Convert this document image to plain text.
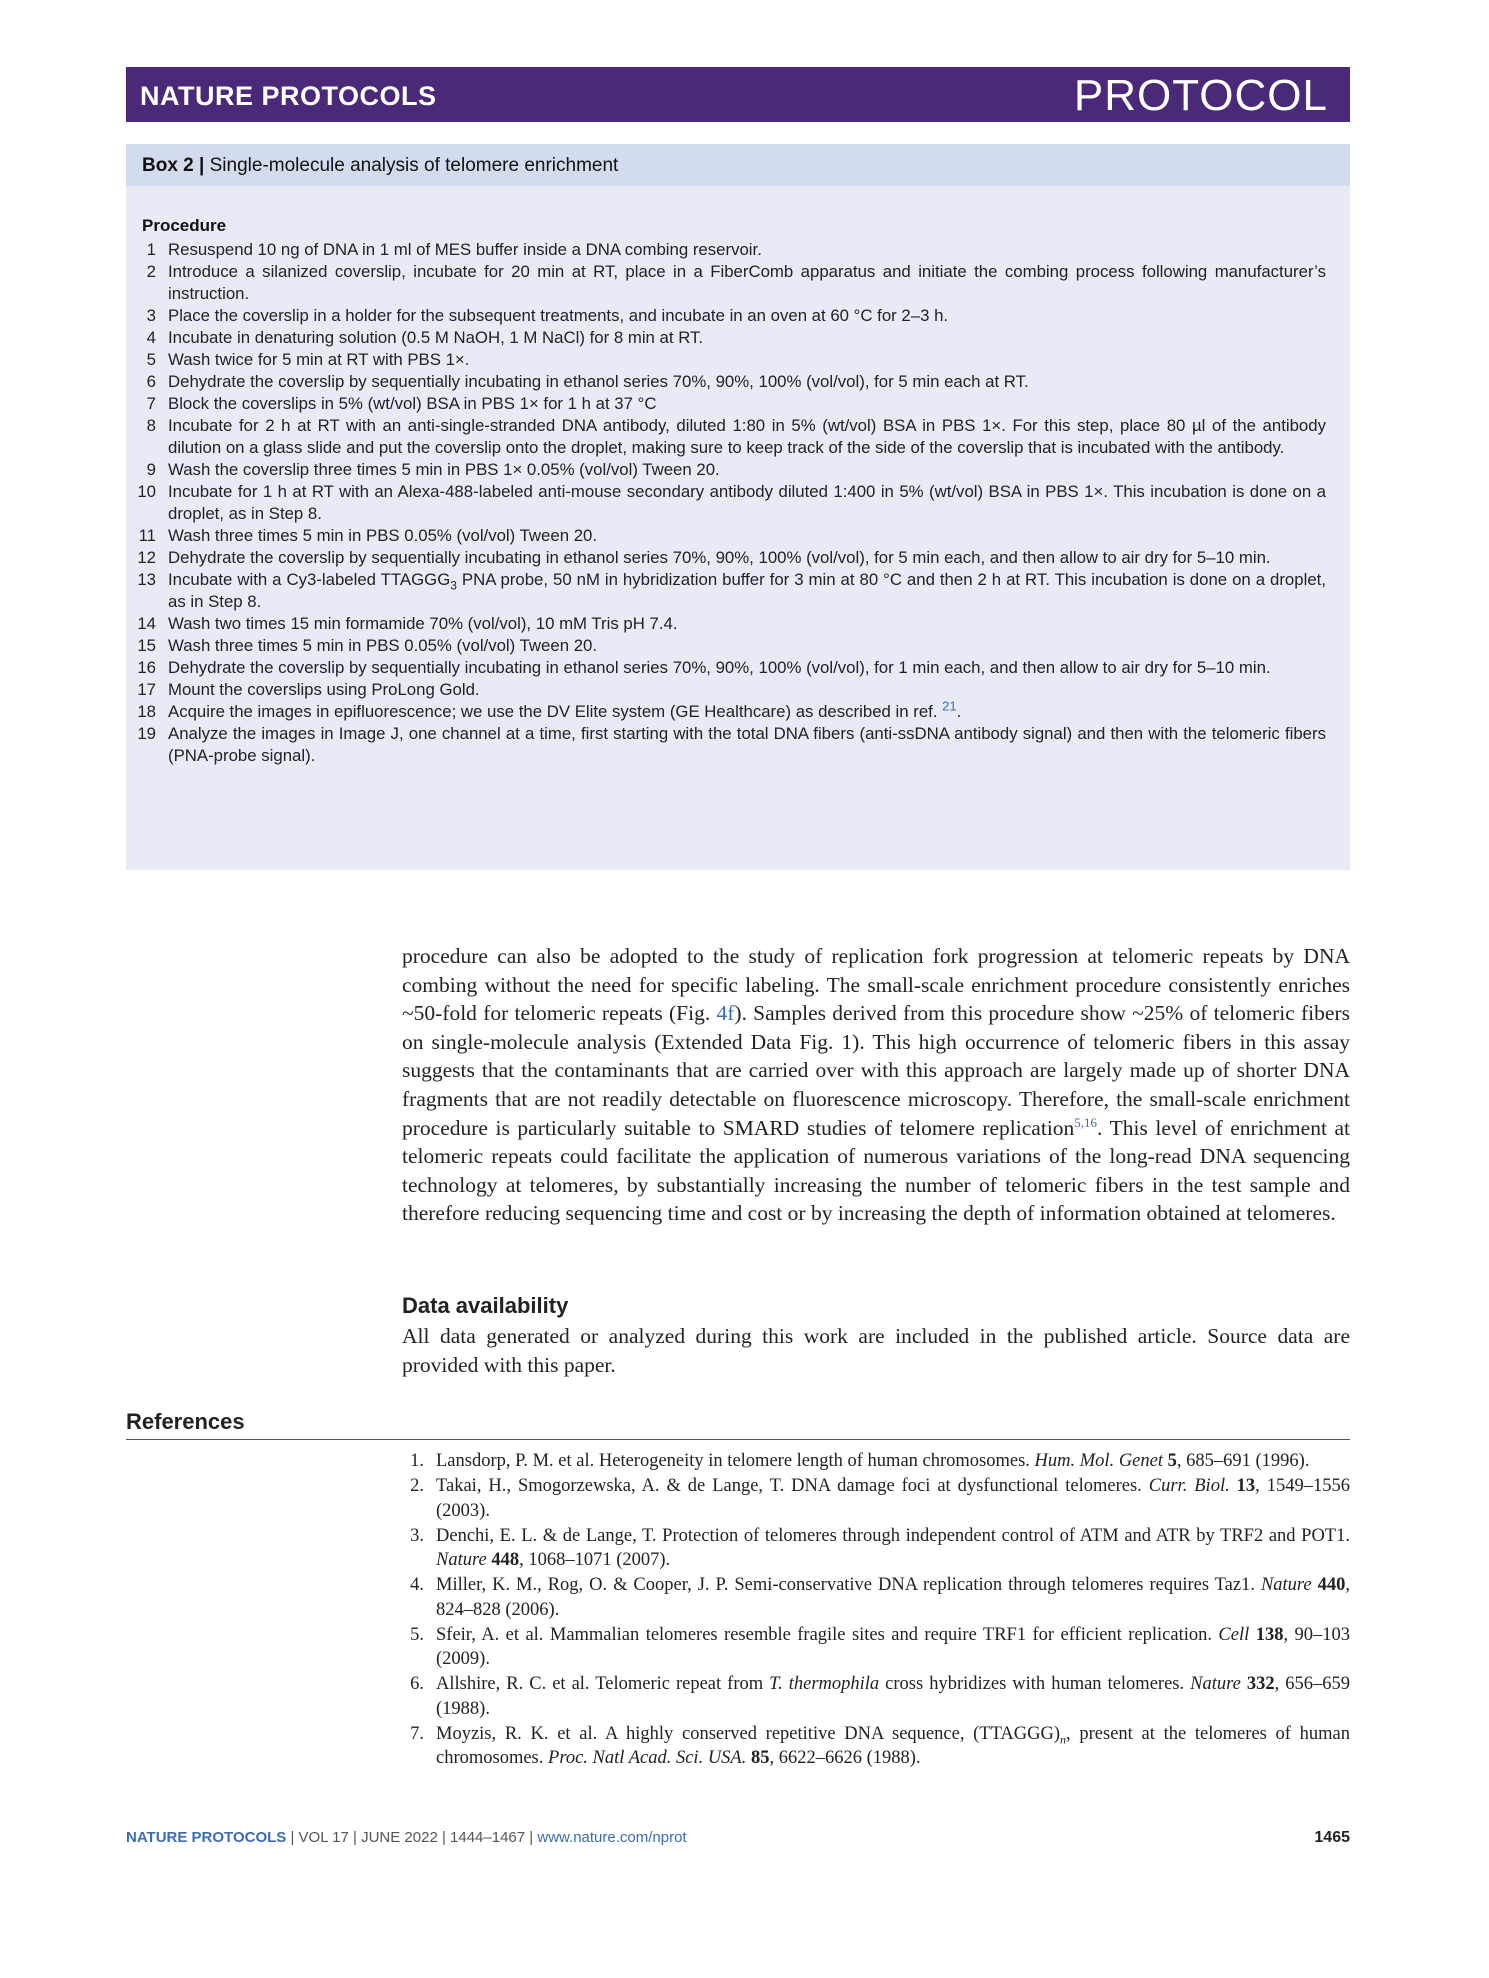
NATURE PROTOCOLS	PROTOCOL
Box 2 | Single-molecule analysis of telomere enrichment
Procedure
1 Resuspend 10 ng of DNA in 1 ml of MES buffer inside a DNA combing reservoir.
2 Introduce a silanized coverslip, incubate for 20 min at RT, place in a FiberComb apparatus and initiate the combing process following manufacturer’s instruction.
3 Place the coverslip in a holder for the subsequent treatments, and incubate in an oven at 60 °C for 2–3 h.
4 Incubate in denaturing solution (0.5 M NaOH, 1 M NaCl) for 8 min at RT.
5 Wash twice for 5 min at RT with PBS 1×.
6 Dehydrate the coverslip by sequentially incubating in ethanol series 70%, 90%, 100% (vol/vol), for 5 min each at RT.
7 Block the coverslips in 5% (wt/vol) BSA in PBS 1× for 1 h at 37 °C
8 Incubate for 2 h at RT with an anti-single-stranded DNA antibody, diluted 1:80 in 5% (wt/vol) BSA in PBS 1×. For this step, place 80 µl of the antibody dilution on a glass slide and put the coverslip onto the droplet, making sure to keep track of the side of the coverslip that is incubated with the antibody.
9 Wash the coverslip three times 5 min in PBS 1× 0.05% (vol/vol) Tween 20.
10 Incubate for 1 h at RT with an Alexa-488-labeled anti-mouse secondary antibody diluted 1:400 in 5% (wt/vol) BSA in PBS 1×. This incubation is done on a droplet, as in Step 8.
11 Wash three times 5 min in PBS 0.05% (vol/vol) Tween 20.
12 Dehydrate the coverslip by sequentially incubating in ethanol series 70%, 90%, 100% (vol/vol), for 5 min each, and then allow to air dry for 5–10 min.
13 Incubate with a Cy3-labeled $TTAGGG_3$ PNA probe, 50 nM in hybridization buffer for 3 min at 80 °C and then 2 h at RT. This incubation is done on a droplet, as in Step 8.
14 Wash two times 15 min formamide 70% (vol/vol), 10 mM Tris pH 7.4.
15 Wash three times 5 min in PBS 0.05% (vol/vol) Tween 20.
16 Dehydrate the coverslip by sequentially incubating in ethanol series 70%, 90%, 100% (vol/vol), for 1 min each, and then allow to air dry for 5–10 min.
17 Mount the coverslips using ProLong Gold.
18 Acquire the images in epifluorescence; we use the DV Elite system (GE Healthcare) as described in ref. $^{21}$.
19 Analyze the images in Image J, one channel at a time, first starting with the total DNA fibers (anti-ssDNA antibody signal) and then with the telomeric fibers (PNA-probe signal).

procedure can also be adopted to the study of replication fork progression at telomeric repeats by DNA combing without the need for specific labeling. The small-scale enrichment procedure consistently enriches ~50-fold for telomeric repeats (Fig. 4f). Samples derived from this procedure show ~25% of telomeric fibers on single-molecule analysis (Extended Data Fig. 1). This high occurrence of telomeric fibers in this assay suggests that the contaminants that are carried over with this approach are largely made up of shorter DNA fragments that are not readily detectable on fluorescence microscopy. Therefore, the small-scale enrichment procedure is particularly suitable to SMARD studies of telomere replication$^{5,16}$. This level of enrichment at telomeric repeats could facilitate the application of numerous variations of the long-read DNA sequencing technology at telomeres, by substantially increasing the number of telomeric fibers in the test sample and therefore reducing sequencing time and cost or by increasing the depth of information obtained at telomeres.

Data availability

All data generated or analyzed during this work are included in the published article. Source data are provided with this paper.

References
1. Lansdorp, P. M. et al. Heterogeneity in telomere length of human chromosomes. Hum. Mol. Genet 5, 685–691 (1996).
2. Takai, H., Smogorzewska, A. & de Lange, T. DNA damage foci at dysfunctional telomeres. Curr. Biol. 13, 1549–1556 (2003).
3. Denchi, E. L. & de Lange, T. Protection of telomeres through independent control of ATM and ATR by TRF2 and POT1. Nature 448, 1068–1071 (2007).
4. Miller, K. M., Rog, O. & Cooper, J. P. Semi-conservative DNA replication through telomeres requires Taz1. Nature 440, 824–828 (2006).
5. Sfeir, A. et al. Mammalian telomeres resemble fragile sites and require TRF1 for efficient replication. Cell 138, 90–103 (2009).
6. Allshire, R. C. et al. Telomeric repeat from T. thermophila cross hybridizes with human telomeres. Nature 332, 656–659 (1988).
7. Moyzis, R. K. et al. A highly conserved repetitive DNA sequence, $(TTAGGG)_n$, present at the telomeres of human chromosomes. Proc. Natl Acad. Sci. USA. 85, 6622–6626 (1988).
NATURE PROTOCOLS | VOL 17 | JUNE 2022 | 1444–1467 | www.nature.com/nprot	1465
